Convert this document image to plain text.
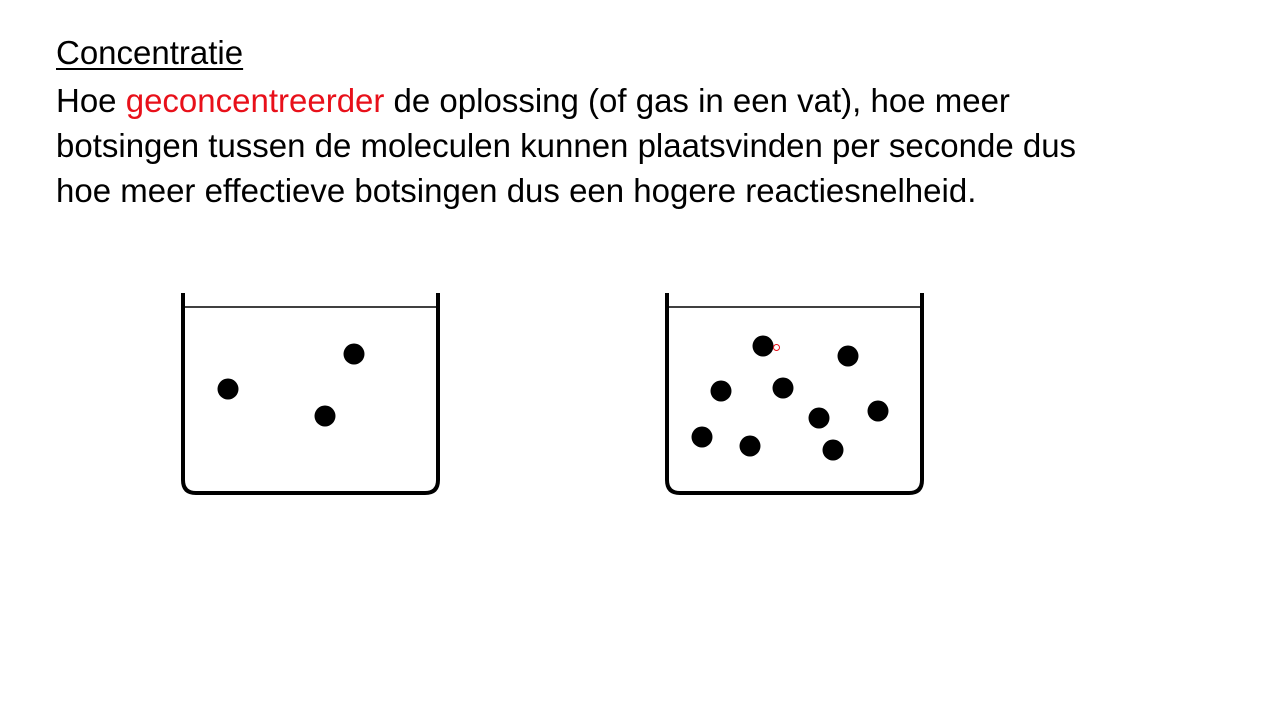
Concentratie

Hoe geconcentreerder de oplossing (of gas in een vat), hoe meer
botsingen tussen de moleculen kunnen plaatsvinden per seconde dus
hoe meer effectieve botsingen dus een hogere reactiesnelheid.
